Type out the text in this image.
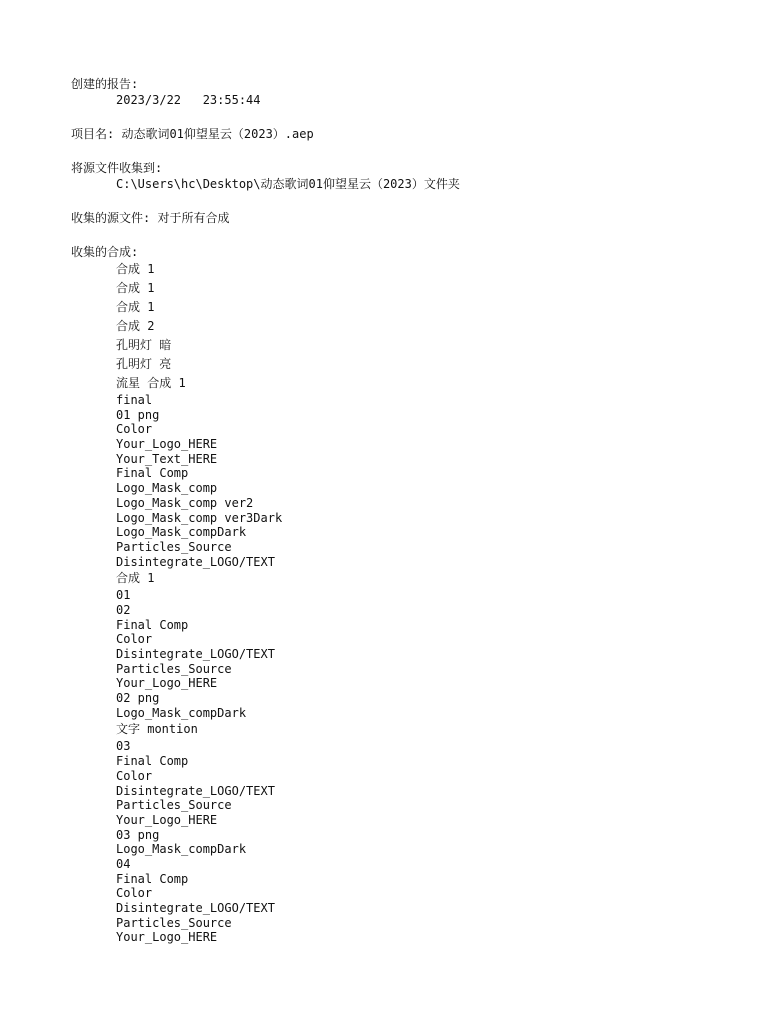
创建的报告:
2023/3/22   23:55:44
项目名: 动态歌词01仰望星云（2023）.aep
将源文件收集到:
C:\Users\hc\Desktop\动态歌词01仰望星云（2023）文件夹
收集的源文件: 对于所有合成
收集的合成:
合成 1
合成 1
合成 1
合成 2
孔明灯 暗
孔明灯 亮
流星 合成 1
final
01 png
Color
Your_Logo_HERE
Your_Text_HERE
Final Comp
Logo_Mask_comp
Logo_Mask_comp ver2
Logo_Mask_comp ver3Dark
Logo_Mask_compDark
Particles_Source
Disintegrate_LOGO/TEXT
合成 1
01
02
Final Comp
Color
Disintegrate_LOGO/TEXT
Particles_Source
Your_Logo_HERE
02 png
Logo_Mask_compDark
文字 montion
03
Final Comp
Color
Disintegrate_LOGO/TEXT
Particles_Source
Your_Logo_HERE
03 png
Logo_Mask_compDark
04
Final Comp
Color
Disintegrate_LOGO/TEXT
Particles_Source
Your_Logo_HERE
